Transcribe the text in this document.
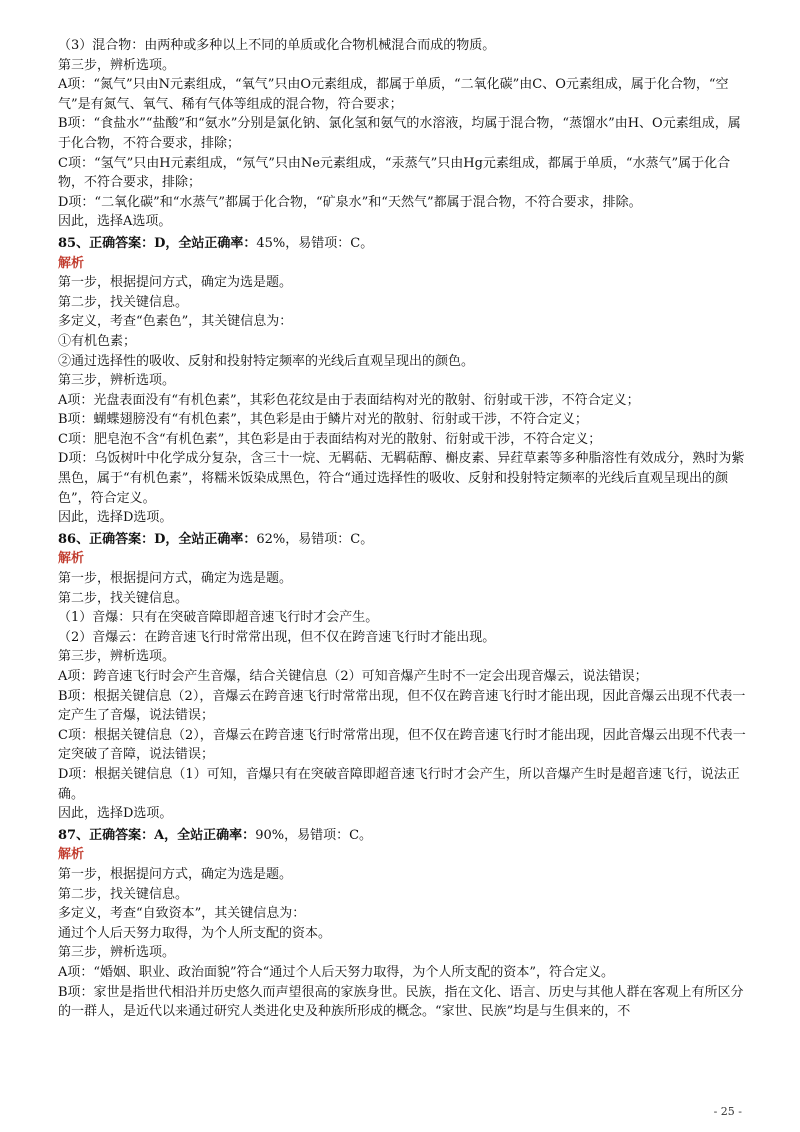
（3）混合物：由两种或多种以上不同的单质或化合物机械混合而成的物质。
第三步，辨析选项。
A项：“氮气”只由N元素组成，“氧气”只由O元素组成，都属于单质，“二氧化碳”由C、O元素组成，属于化合物，“空气”是有氮气、氧气、稀有气体等组成的混合物，符合要求；
B项：“食盐水”“盐酸”和“氨水”分别是氯化钠、氯化氢和氨气的水溶液，均属于混合物，“蒸馏水”由H、O元素组成，属于化合物，不符合要求，排除；
C项：“氢气”只由H元素组成，“氖气”只由Ne元素组成，“汞蒸气”只由Hg元素组成，都属于单质，“水蒸气”属于化合物，不符合要求，排除；
D项：“二氧化碳”和“水蒸气”都属于化合物，“矿泉水”和“天然气”都属于混合物，不符合要求，排除。
因此，选择A选项。
85、正确答案：D，全站正确率：45%，易错项：C。
解析
第一步，根据提问方式，确定为选是题。
第二步，找关键信息。
多定义，考查“色素色”，其关键信息为：
①有机色素；
②通过选择性的吸收、反射和投射特定频率的光线后直观呈现出的颜色。
第三步，辨析选项。
A项：光盘表面没有“有机色素”，其彩色花纹是由于表面结构对光的散射、衍射或干涉，不符合定义；
B项：蝴蝶翅膀没有“有机色素”，其色彩是由于鳞片对光的散射、衍射或干涉，不符合定义；
C项：肥皂泡不含“有机色素”，其色彩是由于表面结构对光的散射、衍射或干涉，不符合定义；
D项：乌饭树叶中化学成分复杂，含三十一烷、无羁萜、无羁萜醇、槲皮素、异荭草素等多种脂溶性有效成分，熟时为紫黑色，属于“有机色素”，将糯米饭染成黑色，符合“通过选择性的吸收、反射和投射特定频率的光线后直观呈现出的颜色”，符合定义。
因此，选择D选项。
86、正确答案：D，全站正确率：62%，易错项：C。
解析
第一步，根据提问方式，确定为选是题。
第二步，找关键信息。
（1）音爆：只有在突破音障即超音速飞行时才会产生。
（2）音爆云：在跨音速飞行时常常出现，但不仅在跨音速飞行时才能出现。
第三步，辨析选项。
A项：跨音速飞行时会产生音爆，结合关键信息（2）可知音爆产生时不一定会出现音爆云，说法错误；
B项：根据关键信息（2），音爆云在跨音速飞行时常常出现，但不仅在跨音速飞行时才能出现，因此音爆云出现不代表一定产生了音爆，说法错误；
C项：根据关键信息（2），音爆云在跨音速飞行时常常出现，但不仅在跨音速飞行时才能出现，因此音爆云出现不代表一定突破了音障，说法错误；
D项：根据关键信息（1）可知，音爆只有在突破音障即超音速飞行时才会产生，所以音爆产生时是超音速飞行，说法正确。
因此，选择D选项。
87、正确答案：A，全站正确率：90%，易错项：C。
解析
第一步，根据提问方式，确定为选是题。
第二步，找关键信息。
多定义，考查“自致资本”，其关键信息为：
通过个人后天努力取得，为个人所支配的资本。
第三步，辨析选项。
A项：“婚姻、职业、政治面貌”符合“通过个人后天努力取得，为个人所支配的资本”，符合定义。
B项：家世是指世代相沿并历史悠久而声望很高的家族身世。民族，指在文化、语言、历史与其他人群在客观上有所区分的一群人，是近代以来通过研究人类进化史及种族所形成的概念。“家世、民族”均是与生俱来的，不
- 25 -
